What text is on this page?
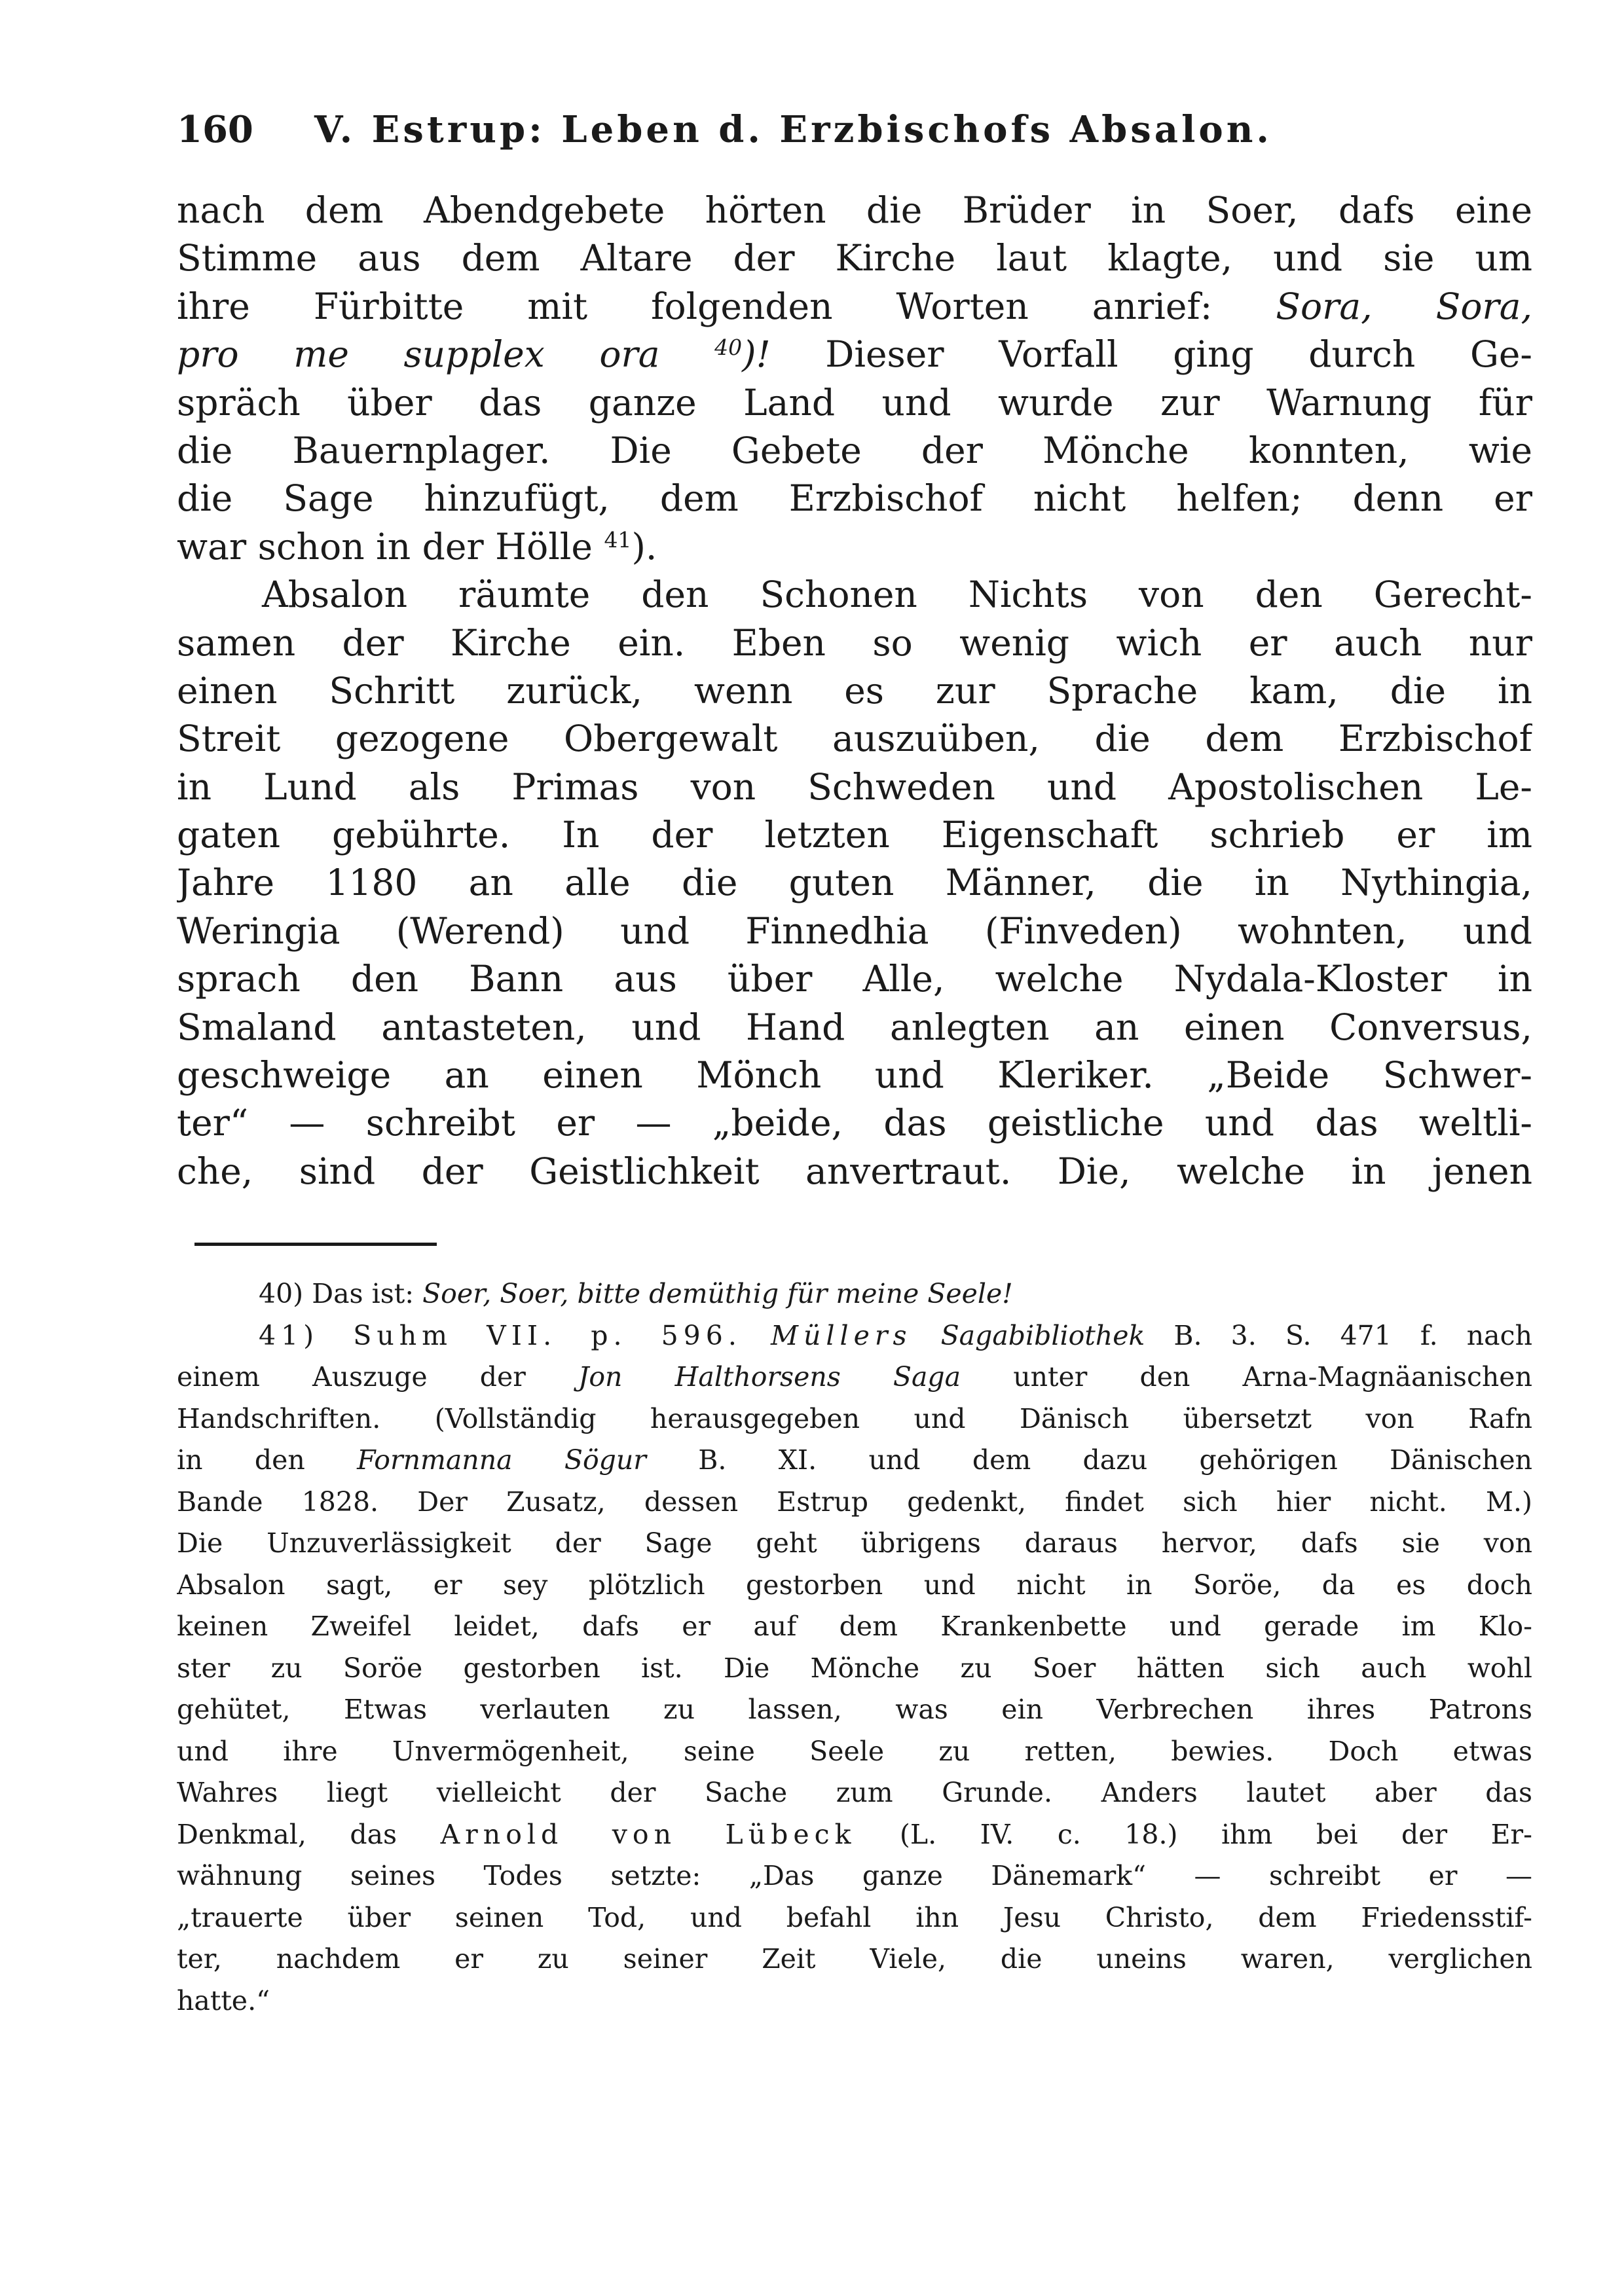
160	V. Estrup: Leben d. Erzbischofs Absalon.
nach dem Abendgebete hörten die Brüder in Soer, dafs eine
Stimme aus dem Altare der Kirche laut klagte, und sie um
ihre Fürbitte mit folgenden Worten anrief: Sora, Sora,
pro me supplex ora	$^{40}$)! Dieser Vorfall ging durch Ge-
spräch über das ganze Land und wurde zur Warnung für
die Bauernplager. Die Gebete der Mönche konnten, wie
die Sage hinzufügt, dem Erzbischof nicht helfen; denn er
war schon in der Hölle $^{41}$).
Absalon räumte den Schonen Nichts von den Gerecht-
samen der Kirche ein. Eben so wenig wich er auch nur
einen Schritt zurück, wenn es zur Sprache kam, die in
Streit gezogene Obergewalt auszuüben, die dem Erzbischof
in Lund als Primas von Schweden und Apostolischen Le-
gaten gebührte. In der letzten Eigenschaft schrieb er im
Jahre 1180 an alle die guten Männer, die in Nythingia,
Weringia (Werend) und Finnedhia (Finveden) wohnten, und
sprach den Bann aus über Alle, welche Nydala-Kloster in
Smaland antasteten, und Hand anlegten an einen Conversus,
geschweige an einen Mönch und Kleriker. „Beide Schwer-
ter“ — schreibt er — „beide, das geistliche und das weltli-
che, sind der Geistlichkeit anvertraut. Die, welche in jenen
40) Das ist: Soer, Soer, bitte demüthig für meine Seele!
41) Suhm VII. p. 596. Müllers Sagabibliothek B. 3. S. 471 f. nach
einem Auszuge der Jon Halthorsens Saga unter den Arna-Magnäanischen
Handschriften. (Vollständig herausgegeben und Dänisch übersetzt von Rafn
in den Fornmanna Sögur B. XI. und dem dazu gehörigen Dänischen
Bande 1828. Der Zusatz, dessen Estrup gedenkt, findet sich hier nicht. M.)
Die Unzuverlässigkeit der Sage geht übrigens daraus hervor, dafs sie von
Absalon sagt, er sey plötzlich gestorben und nicht in Soröe, da es doch
keinen Zweifel leidet, dafs er auf dem Krankenbette und gerade im Klo-
ster zu Soröe gestorben ist. Die Mönche zu Soer hätten sich auch wohl
gehütet, Etwas verlauten zu lassen, was ein Verbrechen ihres Patrons
und ihre Unvermögenheit, seine Seele zu retten, bewies. Doch etwas
Wahres liegt vielleicht der Sache zum Grunde. Anders lautet aber das
Denkmal, das Arnold von Lübeck (L. IV. c. 18.) ihm bei der Er-
wähnung seines Todes setzte: „Das ganze Dänemark“ — schreibt er —
„trauerte über seinen Tod, und befahl ihn Jesu Christo, dem Friedensstif-
ter, nachdem er zu seiner Zeit Viele, die uneins waren, verglichen
hatte.“
